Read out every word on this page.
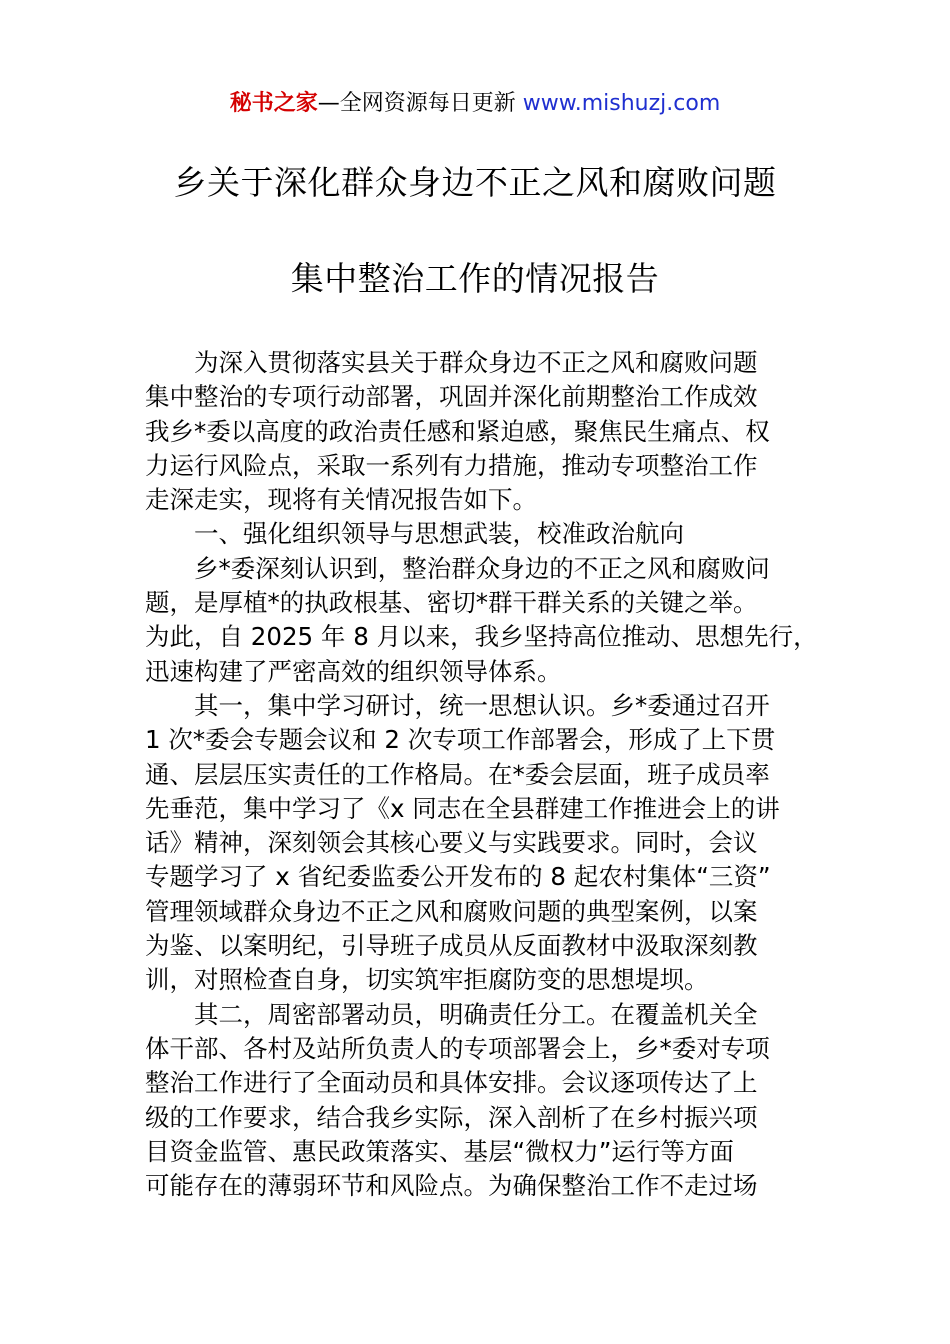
秘书之家—全网资源每日更新 www.mishuzj.com
乡关于深化群众身边不正之风和腐败问题
集中整治工作的情况报告
为深入贯彻落实县关于群众身边不正之风和腐败问题
集中整治的专项行动部署，巩固并深化前期整治工作成效
我乡*委以高度的政治责任感和紧迫感，聚焦民生痛点、权
力运行风险点，采取一系列有力措施，推动专项整治工作
走深走实，现将有关情况报告如下。
一、强化组织领导与思想武装，校准政治航向
乡*委深刻认识到，整治群众身边的不正之风和腐败问
题，是厚植*的执政根基、密切*群干群关系的关键之举。
为此，自 2025 年 8 月以来，我乡坚持高位推动、思想先行，
迅速构建了严密高效的组织领导体系。
其一，集中学习研讨，统一思想认识。乡*委通过召开
1 次*委会专题会议和 2 次专项工作部署会，形成了上下贯
通、层层压实责任的工作格局。在*委会层面，班子成员率
先垂范，集中学习了《x 同志在全县群建工作推进会上的讲
话》精神，深刻领会其核心要义与实践要求。同时，会议
专题学习了 x 省纪委监委公开发布的 8 起农村集体“三资”
管理领域群众身边不正之风和腐败问题的典型案例，以案
为鉴、以案明纪，引导班子成员从反面教材中汲取深刻教
训，对照检查自身，切实筑牢拒腐防变的思想堤坝。
其二，周密部署动员，明确责任分工。在覆盖机关全
体干部、各村及站所负责人的专项部署会上，乡*委对专项
整治工作进行了全面动员和具体安排。会议逐项传达了上
级的工作要求，结合我乡实际，深入剖析了在乡村振兴项
目资金监管、惠民政策落实、基层“微权力”运行等方面
可能存在的薄弱环节和风险点。为确保整治工作不走过场
